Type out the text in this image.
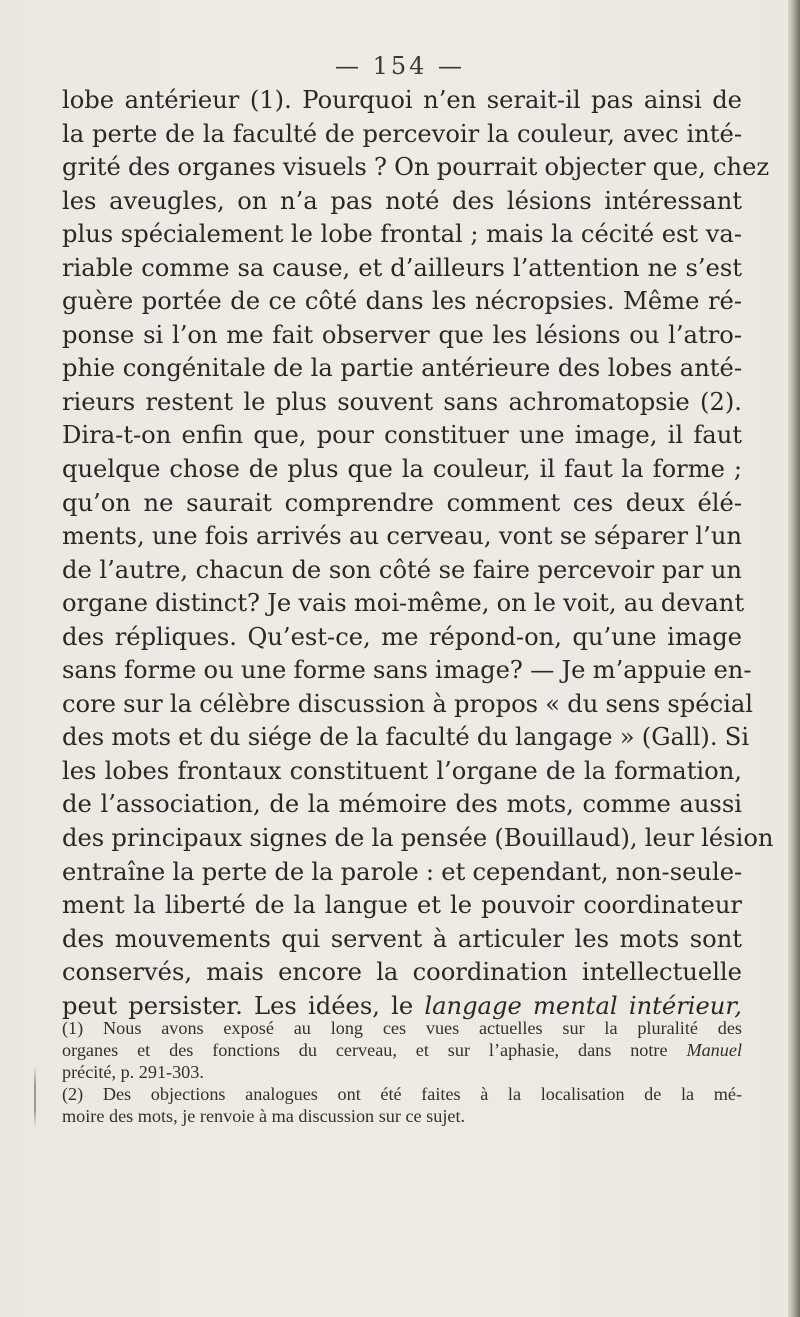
— 154 —
lobe antérieur (1). Pourquoi n’en serait-il pas ainsi de
la perte de la faculté de percevoir la couleur, avec inté-
grité des organes visuels ? On pourrait objecter que, chez
les aveugles, on n’a pas noté des lésions intéressant
plus spécialement le lobe frontal ; mais la cécité est va-
riable comme sa cause, et d’ailleurs l’attention ne s’est
guère portée de ce côté dans les nécropsies. Même ré-
ponse si l’on me fait observer que les lésions ou l’atro-
phie congénitale de la partie antérieure des lobes anté-
rieurs restent le plus souvent sans achromatopsie (2).
Dira-t-on enfin que, pour constituer une image, il faut
quelque chose de plus que la couleur, il faut la forme ;
qu’on ne saurait comprendre comment ces deux élé-
ments, une fois arrivés au cerveau, vont se séparer l’un
de l’autre, chacun de son côté se faire percevoir par un
organe distinct? Je vais moi-même, on le voit, au devant
des répliques. Qu’est-ce, me répond-on, qu’une image
sans forme ou une forme sans image? — Je m’appuie en-
core sur la célèbre discussion à propos « du sens spécial
des mots et du siége de la faculté du langage » (Gall). Si
les lobes frontaux constituent l’organe de la formation,
de l’association, de la mémoire des mots, comme aussi
des principaux signes de la pensée (Bouillaud), leur lésion
entraîne la perte de la parole : et cependant, non-seule-
ment la liberté de la langue et le pouvoir coordinateur
des mouvements qui servent à articuler les mots sont
conservés, mais encore la coordination intellectuelle
peut persister. Les idées, le langage mental intérieur,
(1) Nous avons exposé au long ces vues actuelles sur la pluralité des
organes et des fonctions du cerveau, et sur l’aphasie, dans notre Manuel
précité, p. 291-303.
(2) Des objections analogues ont été faites à la localisation de la mé-
moire des mots, je renvoie à ma discussion sur ce sujet.
